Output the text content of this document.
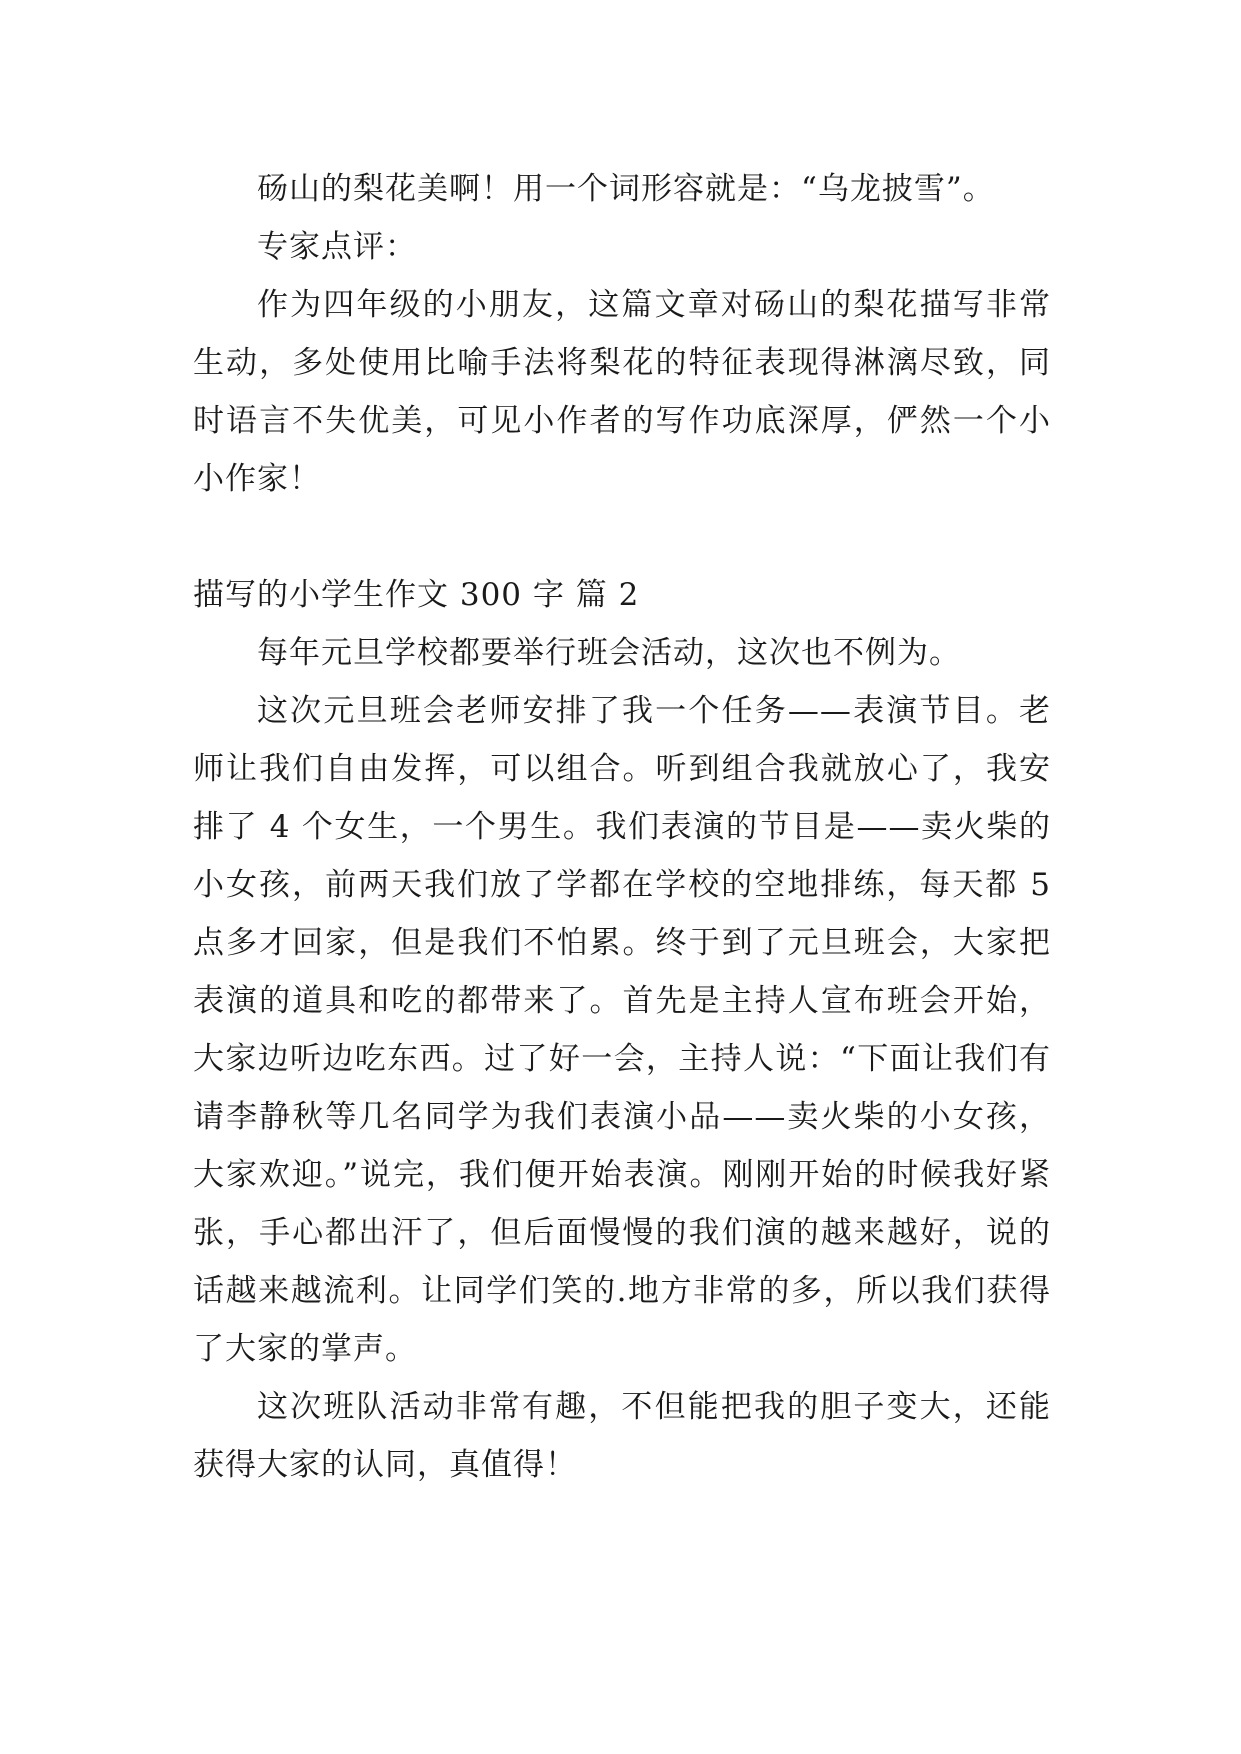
砀山的梨花美啊！用一个词形容就是：“乌龙披雪”。

专家点评：

作为四年级的小朋友，这篇文章对砀山的梨花描写非常生动，多处使用比喻手法将梨花的特征表现得淋漓尽致，同时语言不失优美，可见小作者的写作功底深厚，俨然一个小小作家！

描写的小学生作文 300 字 篇 2

每年元旦学校都要举行班会活动，这次也不例为。

这次元旦班会老师安排了我一个任务——表演节目。老师让我们自由发挥，可以组合。听到组合我就放心了，我安排了 4 个女生，一个男生。我们表演的节目是——卖火柴的小女孩，前两天我们放了学都在学校的空地排练，每天都 5 点多才回家，但是我们不怕累。终于到了元旦班会，大家把表演的道具和吃的都带来了。首先是主持人宣布班会开始，大家边听边吃东西。过了好一会，主持人说：“下面让我们有请李静秋等几名同学为我们表演小品——卖火柴的小女孩，大家欢迎。”说完，我们便开始表演。刚刚开始的时候我好紧张，手心都出汗了，但后面慢慢的我们演的越来越好，说的话越来越流利。让同学们笑的.地方非常的多，所以我们获得了大家的掌声。

这次班队活动非常有趣，不但能把我的胆子变大，还能获得大家的认同，真值得！
